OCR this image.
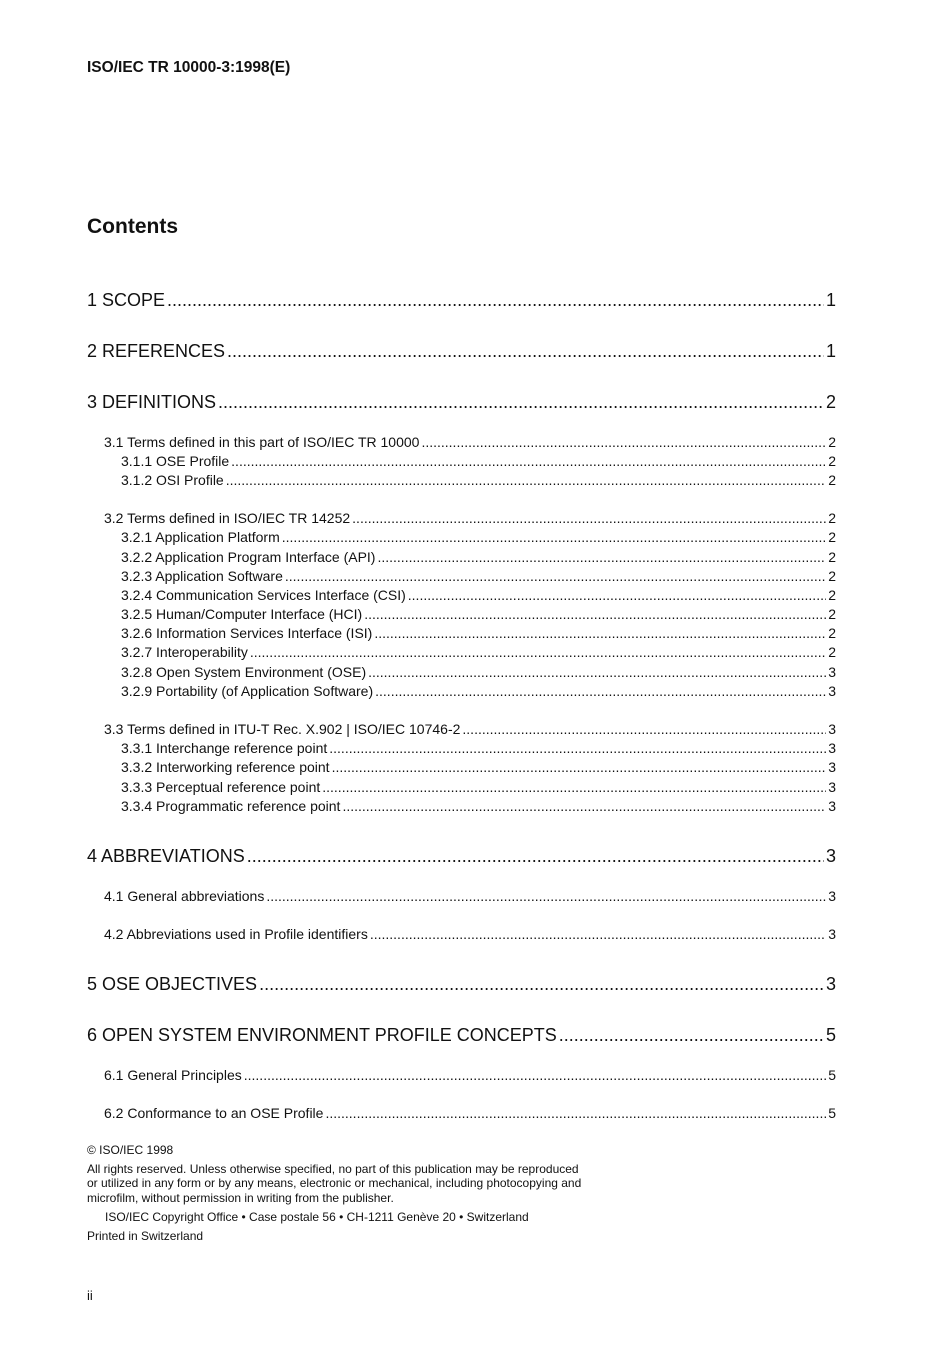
ISO/IEC TR 10000-3:1998(E)
Contents
1 SCOPE .....	1
2 REFERENCES .....	1
3 DEFINITIONS .....	2
3.1 Terms defined in this part of ISO/IEC TR 10000 .....	2
3.1.1 OSE Profile .....	2
3.1.2 OSI Profile .....	2
3.2 Terms defined in ISO/IEC TR 14252 .....	2
3.2.1 Application Platform .....	2
3.2.2 Application Program Interface (API) .....	2
3.2.3 Application Software .....	2
3.2.4 Communication Services Interface (CSI) .....	2
3.2.5 Human/Computer Interface (HCI) .....	2
3.2.6 Information Services Interface (ISI) .....	2
3.2.7 Interoperability .....	2
3.2.8 Open System Environment (OSE) .....	3
3.2.9 Portability (of Application Software) .....	3
3.3 Terms defined in ITU-T Rec. X.902 | ISO/IEC 10746-2 .....	3
3.3.1 Interchange reference point .....	3
3.3.2 Interworking reference point .....	3
3.3.3 Perceptual reference point .....	3
3.3.4 Programmatic reference point .....	3
4 ABBREVIATIONS .....	3
4.1 General abbreviations .....	3
4.2 Abbreviations used in Profile identifiers .....	3
5 OSE OBJECTIVES .....	3
6 OPEN SYSTEM ENVIRONMENT PROFILE CONCEPTS .....	5
6.1 General Principles .....	5
6.2 Conformance to an OSE Profile .....	5
© ISO/IEC 1998
All rights reserved. Unless otherwise specified, no part of this publication may be reproduced
or utilized in any form or by any means, electronic or mechanical, including photocopying and
microfilm, without permission in writing from the publisher.
ISO/IEC Copyright Office • Case postale 56 • CH-1211 Genève 20 • Switzerland
Printed in Switzerland
ii
